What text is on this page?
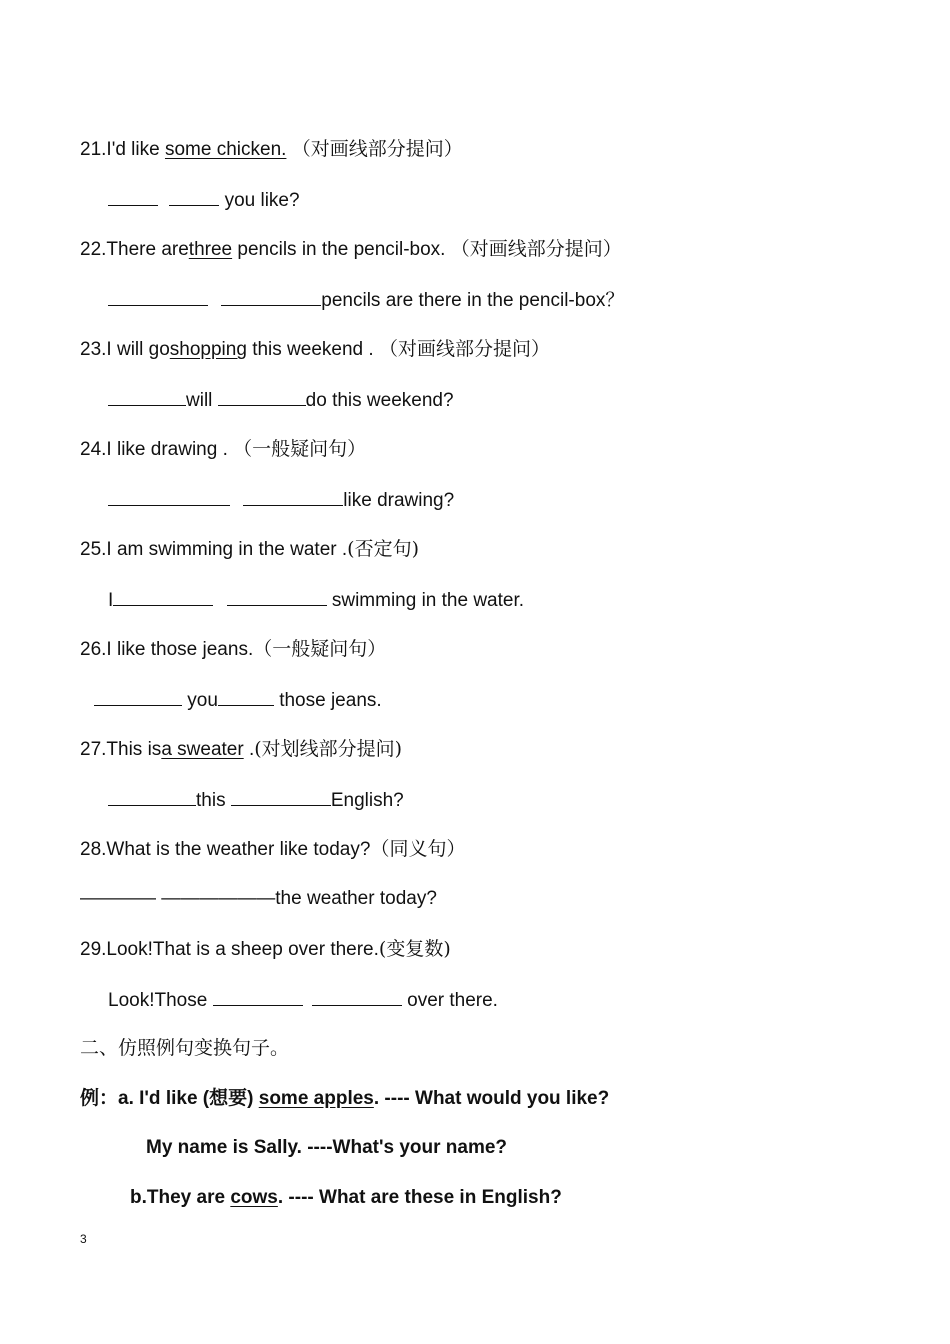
21.I'd like some chicken. （对画线部分提问）
you like?
22.There arethree pencils in the pencil-box. （对画线部分提问）
pencils are there in the pencil-box？
23.I will goshopping this weekend . （对画线部分提问）
will	do this weekend?
24.I like drawing . （一般疑问句）
like drawing?
25.I am swimming in the water .(否定句)
I	swimming in the water.
26.I like those jeans.（一般疑问句）
you	those jeans.
27.This isa sweater .(对划线部分提问)
this	English?
28.What is the weather like today?（同义句）
———— ——————the weather today?
29.Look!That is a sheep over there.(变复数)
Look!Those	over there.
二、仿照例句变换句子。
例：a. I'd like (想要) some apples. ---- What would you like?
My name is Sally. ----What's your name?
b.They are cows. ---- What are these in English?
3
